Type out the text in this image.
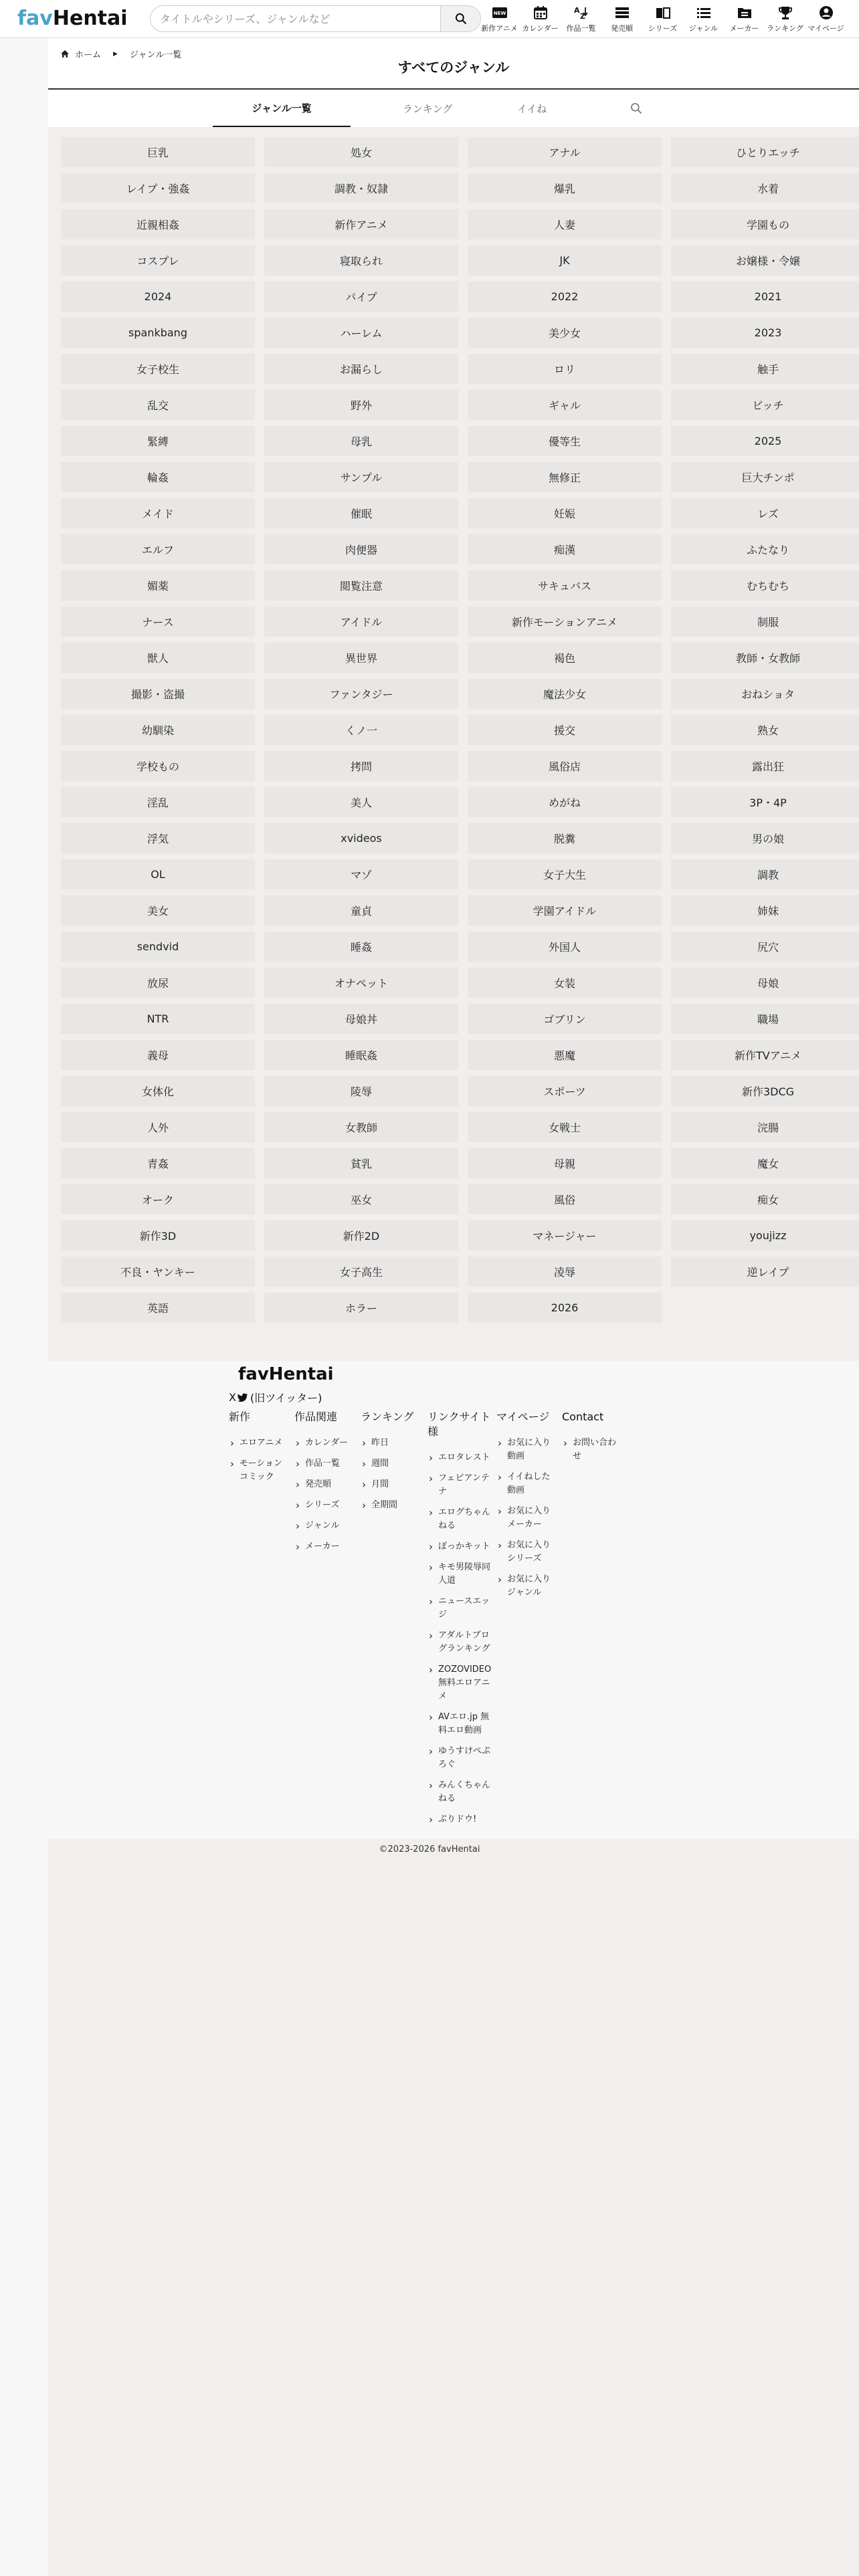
favHentai
タイトルやシリーズ、ジャンルなど	NEW
新作アニメ カレンダー
A
Z
作品一覧 発売順 シリーズ ジャンル メーカー ランキング マイページ
ホーム ▶ ジャンル一覧
すべてのジャンル
ジャンル一覧	ランキング	イイね
巨乳	処女	アナル	ひとりエッチ
レイプ・強姦	調教・奴隷	爆乳	水着
近親相姦	新作アニメ	人妻	学園もの
コスプレ	寝取られ	JK	お嬢様・令嬢
2024	パイプ	2022	2021
spankbang	ハーレム	美少女	2023
女子校生	お漏らし	ロリ	触手
乱交	野外	ギャル	ビッチ
緊縛	母乳	優等生	2025
輪姦	サンプル	無修正	巨大チンポ
メイド	催眠	妊娠	レズ
エルフ	肉便器	痴漢	ふたなり
媚薬	閲覧注意	サキュバス	むちむち
ナース	アイドル	新作モーションアニメ	制服
獣人	異世界	褐色	教師・女教師
撮影・盗撮	ファンタジー	魔法少女	おねショタ
幼馴染	くノ一	援交	熟女
学校もの	拷問	風俗店	露出狂
淫乱	美人	めがね	3P・4P
浮気	xvideos	脱糞	男の娘
OL	マゾ	女子大生	調教
美女	童貞	学園アイドル	姉妹
sendvid	睡姦	外国人	尻穴
放尿	オナペット	女装	母娘
NTR	母娘丼	ゴブリン	職場
義母	睡眠姦	悪魔	新作TVアニメ
女体化	陵辱	スポーツ	新作3DCG
人外	女教師	女戦士	浣腸
青姦	貧乳	母親	魔女
オーク	巫女	風俗	痴女
新作3D	新作2D	マネージャー	youjizz
不良・ヤンキー	女子高生	凌辱	逆レイプ
英語	ホラー	2026
favHentai
X (旧ツイッター)
新作
› エロアニメ
› モーションコミック
作品関連
› カレンダー
› 作品一覧
› 発売順
› シリーズ
› ジャンル
› メーカー
ランキング
› 昨日
› 週間
› 月間
› 全期間
リンクサイト様
› エロタレスト
› フェピアンテナ
› エログちゃんねる
› ぽっかキット
› キモ男陵辱同人道
› ニュースエッジ
› アダルトブログランキング
› ZOZOVIDEO 無料エロアニメ
› AVエロ.jp 無料エロ動画
› ゆうすけぺぷろぐ
› みんくちゃんねる
› ぷりドウ!
マイページ
› お気に入り動画
› イイねした動画
› お気に入りメーカー
› お気に入りシリーズ
› お気に入りジャンル
Contact
› お問い合わせ
©2023-2026 favHentai
